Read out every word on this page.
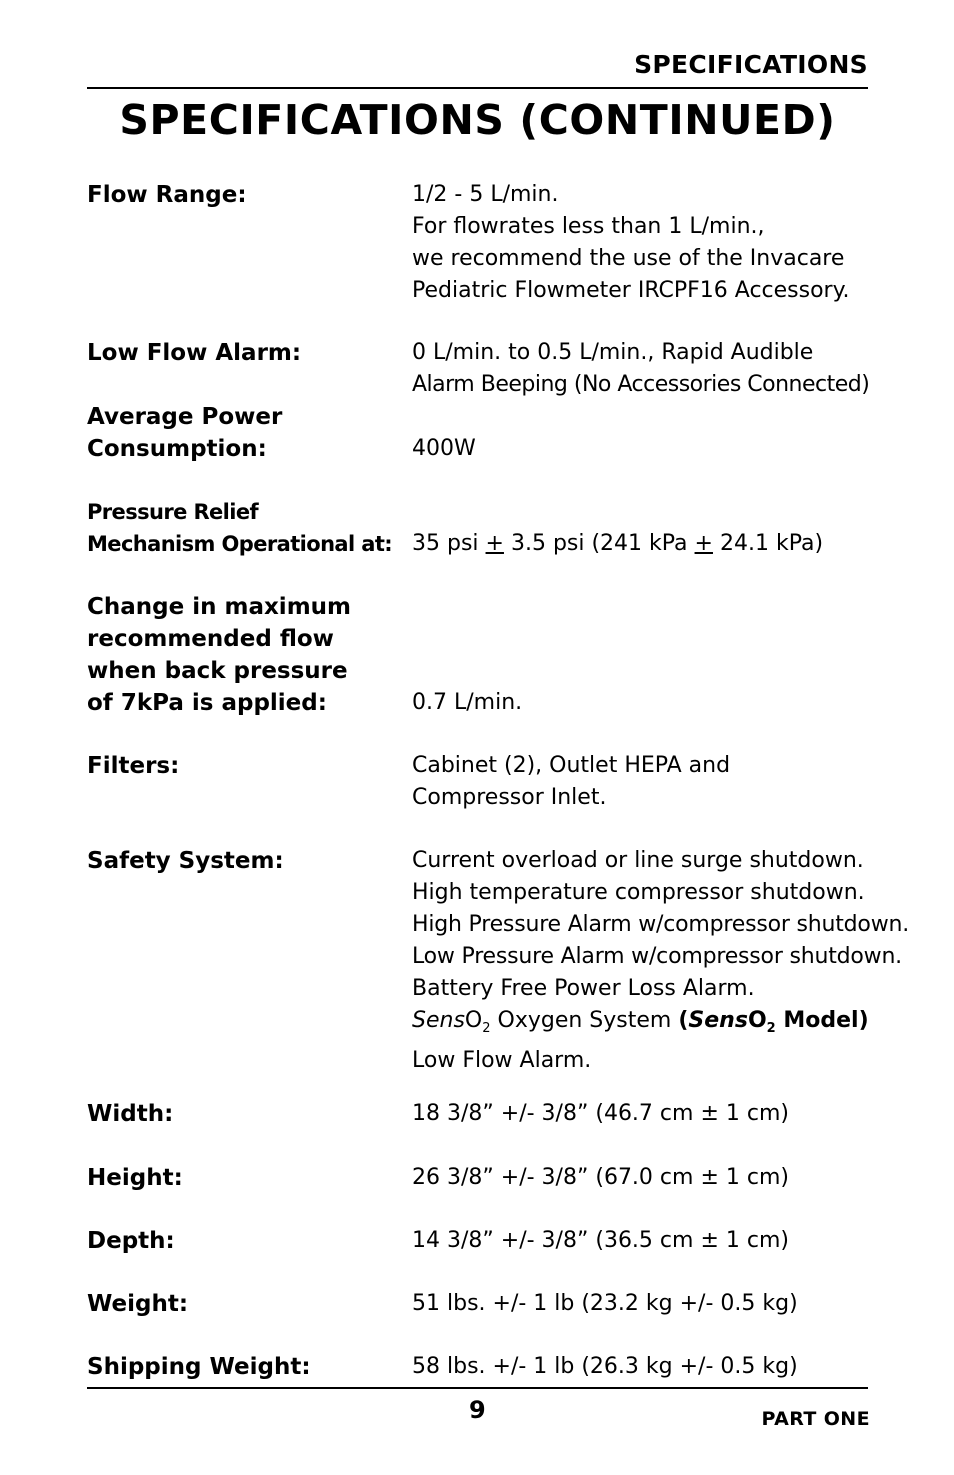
SPECIFICATIONS
SPECIFICATIONS (CONTINUED)
Flow Range:	1/2 - 5 L/min.
For flowrates less than 1 L/min.,
we recommend the use of the Invacare
Pediatric Flowmeter IRCPF16 Accessory.
Low Flow Alarm:	0 L/min. to 0.5 L/min., Rapid Audible
Alarm Beeping (No Accessories Connected)
Average Power
Consumption:	400W
Pressure Relief
Mechanism Operational at: 35 psi + 3.5 psi (241 kPa + 24.1 kPa)
Change in maximum
recommended flow
when back pressure
of 7kPa is applied:	0.7 L/min.
Filters:	Cabinet (2), Outlet HEPA and
Compressor Inlet.
Safety System:	Current overload or line surge shutdown.
High temperature compressor shutdown.
High Pressure Alarm w/compressor shutdown.
Low Pressure Alarm w/compressor shutdown.
Battery Free Power Loss Alarm.
SensO$_2$ Oxygen System (SensO$_2$ Model)
Low Flow Alarm.
Width:	18 3/8” +/- 3/8” (46.7 cm ± 1 cm)
Height:	26 3/8” +/- 3/8” (67.0 cm ± 1 cm)
Depth:	14 3/8” +/- 3/8” (36.5 cm ± 1 cm)
Weight:	51 lbs. +/- 1 lb (23.2 kg +/- 0.5 kg)
Shipping Weight:	58 lbs. +/- 1 lb (26.3 kg +/- 0.5 kg)
9	PART ONE
